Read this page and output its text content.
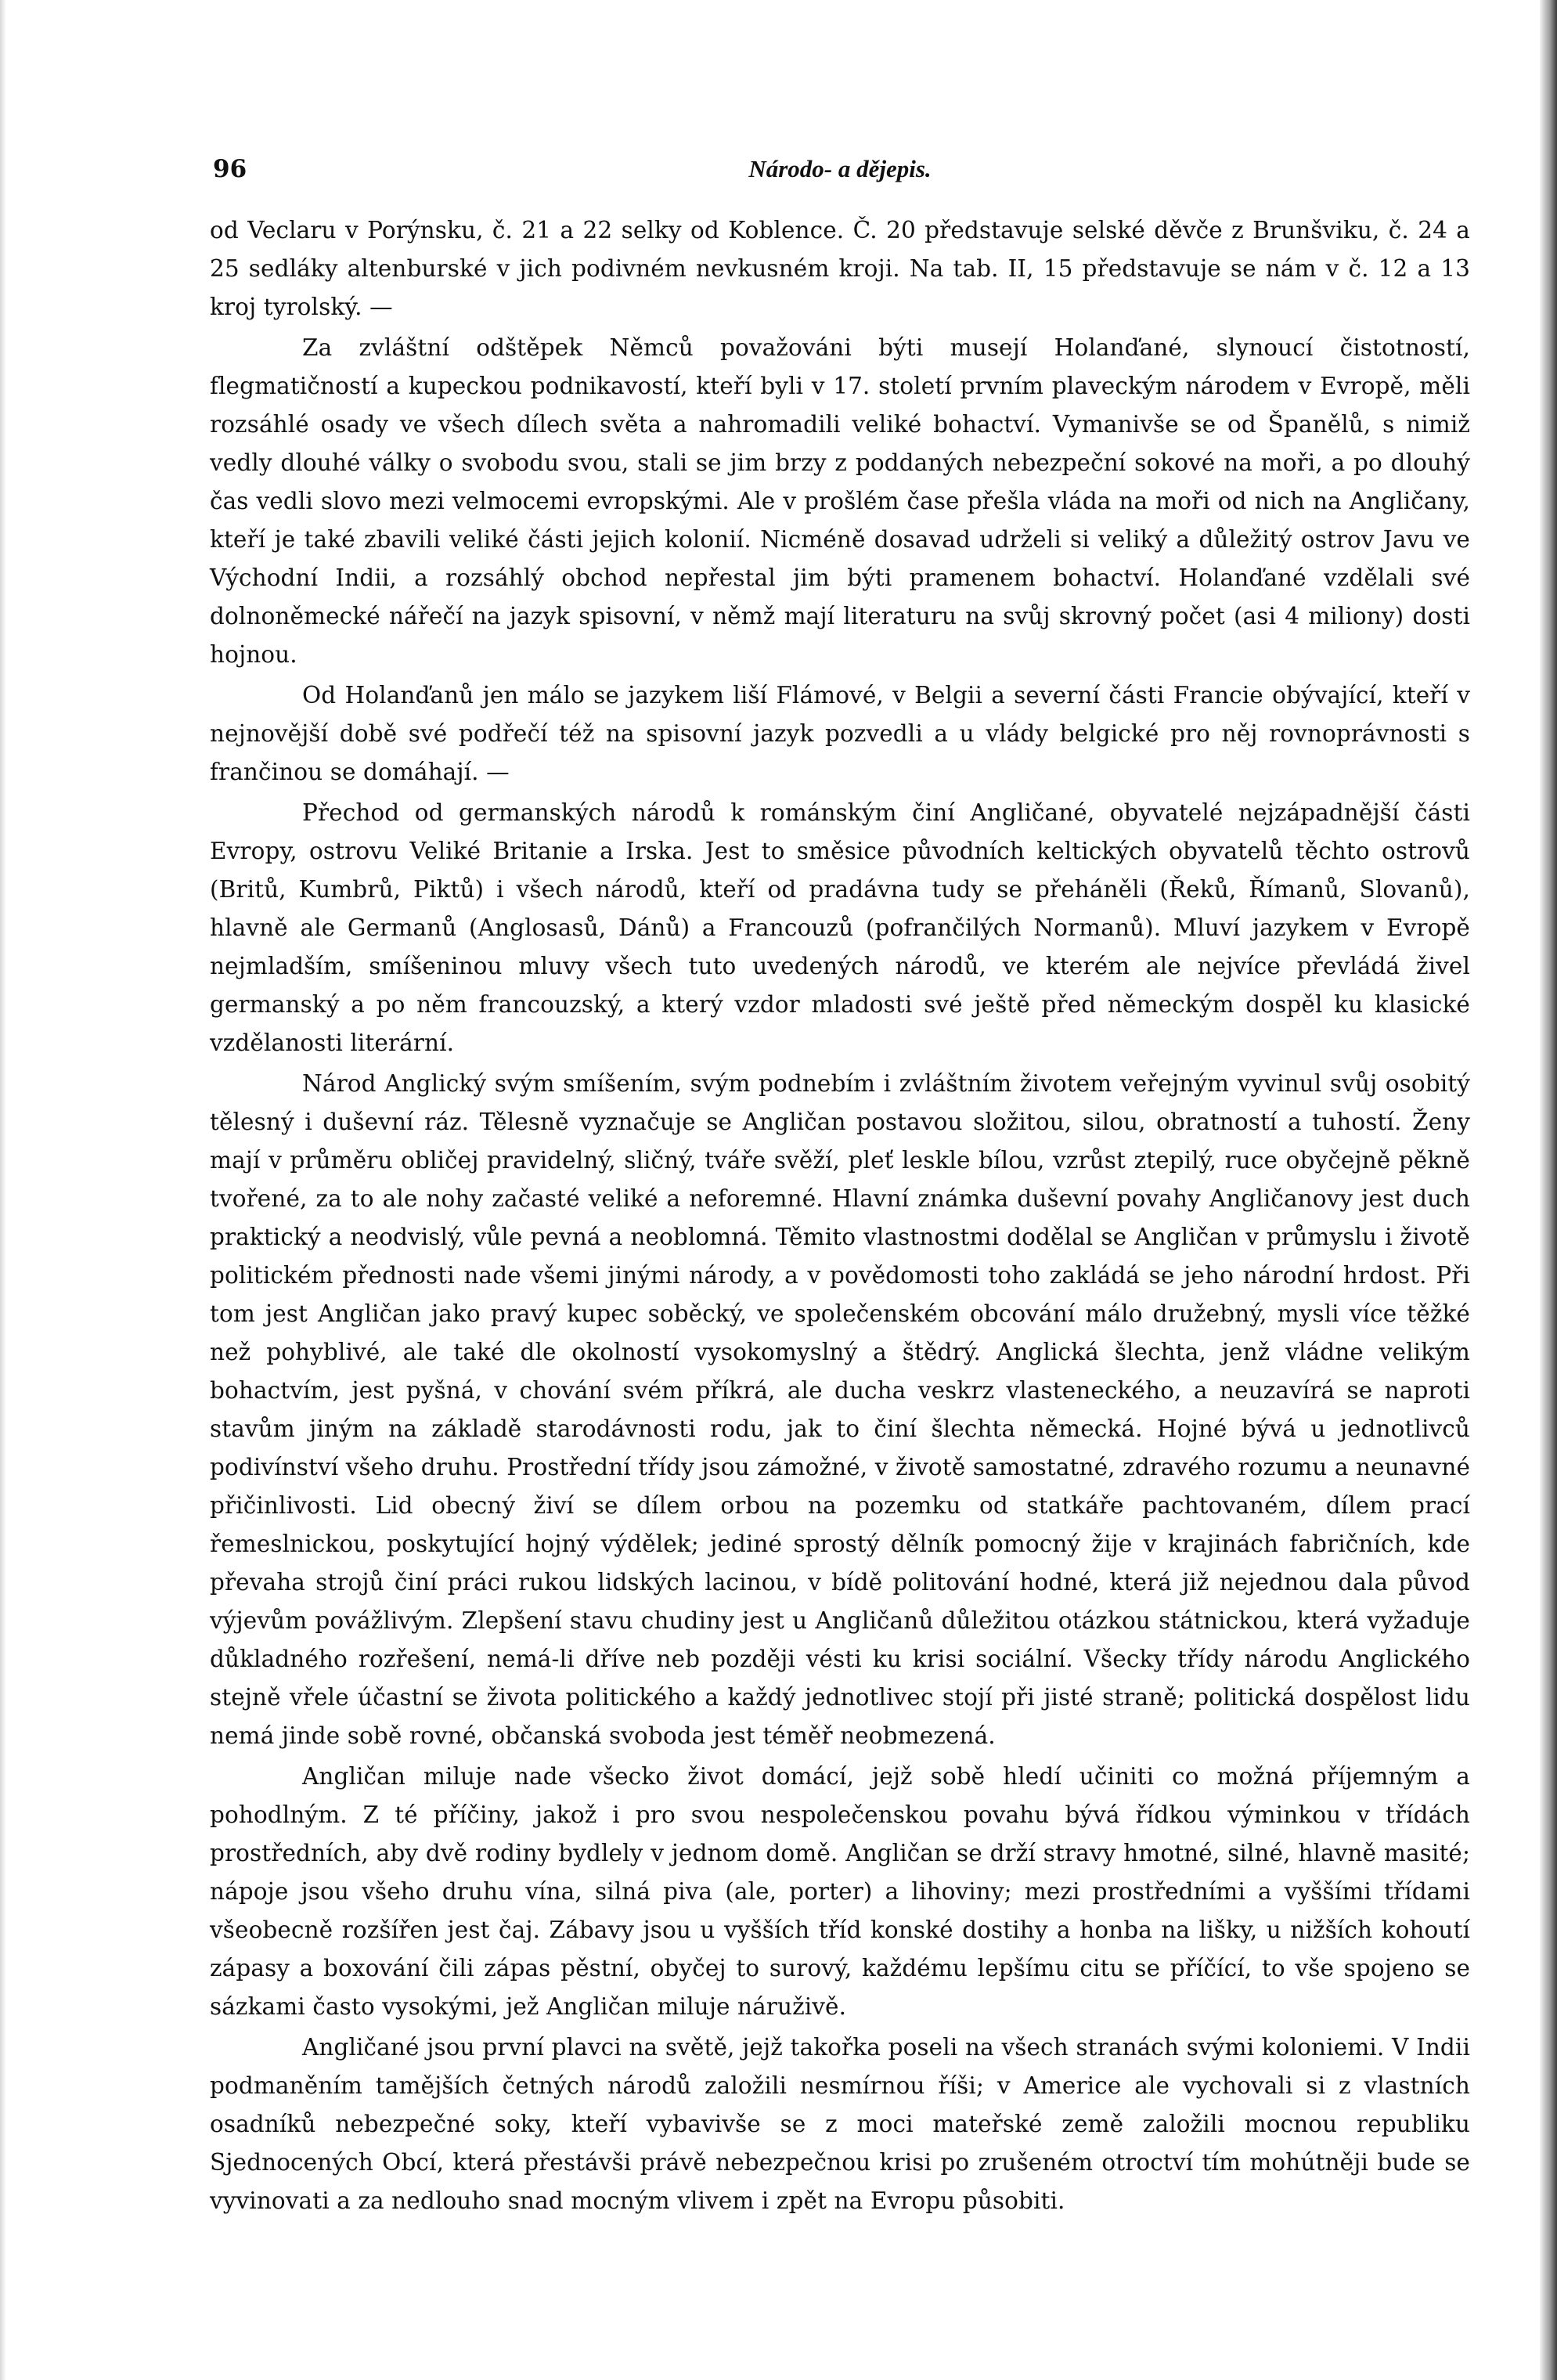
96	Národo- a dějepis.

od Veclaru v Porýnsku, č. 21 a 22 selky od Koblence. Č. 20 představuje selské děvče z Brunšviku, č. 24 a 25 sedláky altenburské v jich podivném nevkusném kroji. Na tab. II, 15 představuje se nám v č. 12 a 13 kroj tyrolský. —

Za zvláštní odštěpek Němců považováni býti musejí Holanďané, slynoucí čistotností, flegmatičností a kupeckou podnikavostí, kteří byli v 17. století prvním plaveckým národem v Evropě, měli rozsáhlé osady ve všech dílech světa a nahromadili veliké bohactví. Vymanivše se od Španělů, s nimiž vedly dlouhé války o svobodu svou, stali se jim brzy z poddaných nebezpeční sokové na moři, a po dlouhý čas vedli slovo mezi velmocemi evropskými. Ale v prošlém čase přešla vláda na moři od nich na Angličany, kteří je také zbavili veliké části jejich kolonií. Nicméně dosavad udrželi si veliký a důležitý ostrov Javu ve Východní Indii, a rozsáhlý obchod nepřestal jim býti pramenem bohactví. Holanďané vzdělali své dolnoněmecké nářečí na jazyk spisovní, v němž mají literaturu na svůj skrovný počet (asi 4 miliony) dosti hojnou.

Od Holanďanů jen málo se jazykem liší Flámové, v Belgii a severní části Francie obývající, kteří v nejnovější době své podřečí též na spisovní jazyk pozvedli a u vlády belgické pro něj rovnoprávnosti s frančinou se domáhají. —

Přechod od germanských národů k románským činí Angličané, obyvatelé nejzápadnější části Evropy, ostrovu Veliké Britanie a Irska. Jest to směsice původních keltických obyvatelů těchto ostrovů (Britů, Kumbrů, Piktů) i všech národů, kteří od pradávna tudy se přeháněli (Řeků, Římanů, Slovanů), hlavně ale Germanů (Anglosasů, Dánů) a Francouzů (pofrančilých Normanů). Mluví jazykem v Evropě nejmladším, smíšeninou mluvy všech tuto uvedených národů, ve kterém ale nejvíce převládá živel germanský a po něm francouzský, a který vzdor mladosti své ještě před německým dospěl ku klasické vzdělanosti literární.

Národ Anglický svým smíšením, svým podnebím i zvláštním životem veřejným vyvinul svůj osobitý tělesný i duševní ráz. Tělesně vyznačuje se Angličan postavou složitou, silou, obratností a tuhostí. Ženy mají v průměru obličej pravidelný, sličný, tváře svěží, pleť leskle bílou, vzrůst ztepilý, ruce obyčejně pěkně tvořené, za to ale nohy začasté veliké a neforemné. Hlavní známka duševní povahy Angličanovy jest duch praktický a neodvislý, vůle pevná a neoblomná. Těmito vlastnostmi dodělal se Angličan v průmyslu i životě politickém přednosti nade všemi jinými národy, a v povědomosti toho zakládá se jeho národní hrdost. Při tom jest Angličan jako pravý kupec soběcký, ve společenském obcování málo družebný, mysli více těžké než pohyblivé, ale také dle okolností vysokomyslný a štědrý. Anglická šlechta, jenž vládne velikým bohactvím, jest pyšná, v chování svém příkrá, ale ducha veskrz vlasteneckého, a neuzavírá se naproti stavům jiným na základě starodávnosti rodu, jak to činí šlechta německá. Hojné bývá u jednotlivců podivínství všeho druhu. Prostřední třídy jsou zámožné, v životě samostatné, zdravého rozumu a neunavné přičinlivosti. Lid obecný živí se dílem orbou na pozemku od statkáře pachtovaném, dílem prací řemeslnickou, poskytující hojný výdělek; jediné sprostý dělník pomocný žije v krajinách fabričních, kde převaha strojů činí práci rukou lidských lacinou, v bídě politování hodné, která již nejednou dala původ výjevům povážlivým. Zlepšení stavu chudiny jest u Angličanů důležitou otázkou státnickou, která vyžaduje důkladného rozřešení, nemá-li dříve neb později vésti ku krisi sociální. Všecky třídy národu Anglického stejně vřele účastní se života politického a každý jednotlivec stojí při jisté straně; politická dospělost lidu nemá jinde sobě rovné, občanská svoboda jest téměř neobmezená.

Angličan miluje nade všecko život domácí, jejž sobě hledí učiniti co možná příjemným a pohodlným. Z té příčiny, jakož i pro svou nespolečenskou povahu bývá řídkou výminkou v třídách prostředních, aby dvě rodiny bydlely v jednom domě. Angličan se drží stravy hmotné, silné, hlavně masité; nápoje jsou všeho druhu vína, silná piva (ale, porter) a lihoviny; mezi prostředními a vyššími třídami všeobecně rozšířen jest čaj. Zábavy jsou u vyšších tříd konské dostihy a honba na lišky, u nižších kohoutí zápasy a boxování čili zápas pěstní, obyčej to surový, každému lepšímu citu se příčící, to vše spojeno se sázkami často vysokými, jež Angličan miluje náruživě.

Angličané jsou první plavci na světě, jejž takořka poseli na všech stranách svými koloniemi. V Indii podmaněním tamějších četných národů založili nesmírnou říši; v Americe ale vychovali si z vlastních osadníků nebezpečné soky, kteří vybavivše se z moci mateřské země založili mocnou republiku Sjednocených Obcí, která přestávši právě nebezpečnou krisi po zrušeném otroctví tím mohútněji bude se vyvinovati a za nedlouho snad mocným vlivem i zpět na Evropu působiti.
